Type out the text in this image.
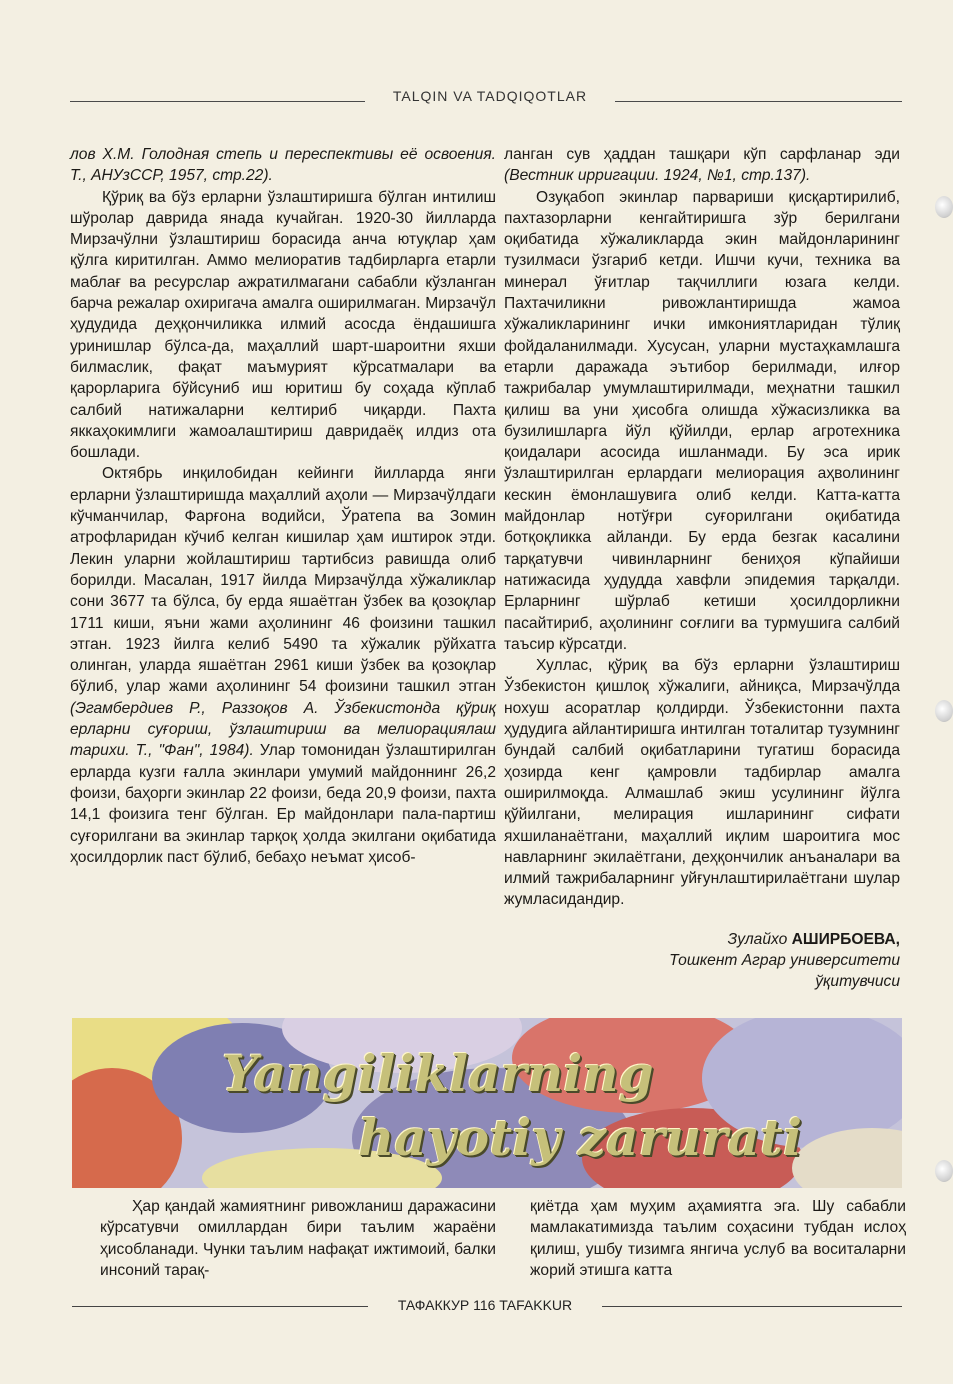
TALQIN VA TADQIQOTLAR

лов Х.М. Голодная степь и переспективы её освоения. Т., АНУзССР, 1957, стр.22).

Қўриқ ва бўз ерларни ўзлаштиришга бўлган интилиш шўролар даврида янада кучайган. 1920-30 йилларда Мирзачўлни ўзлаштириш борасида анча ютуқлар ҳам қўлга киритилган. Аммо мелиоратив тадбирларга етарли маблағ ва ресурслар ажратилмагани сабабли кўзланган барча режалар охиригача амалга оширилмаган. Мирзачўл ҳудудида деҳқончиликка илмий асосда ёндашишга уринишлар бўлса-да, маҳаллий шарт-шароитни яхши билмаслик, фақат маъмурият кўрсатмалари ва қарорларига бўйсуниб иш юритиш бу соҳада кўплаб салбий натижаларни келтириб чиқарди. Пахта яккаҳокимлиги жамоалаштириш давридаёқ илдиз ота бошлади.

Октябрь инқилобидан кейинги йилларда янги ерларни ўзлаштиришда маҳаллий аҳоли — Мирзачўлдаги кўчманчилар, Фарғона водийси, Ўратепа ва Зомин атрофларидан кўчиб келган кишилар ҳам иштирок этди. Лекин уларни жойлаштириш тартибсиз равишда олиб борилди. Масалан, 1917 йилда Мирзачўлда хўжаликлар сони 3677 та бўлса, бу ерда яшаётган ўзбек ва қозоқлар 1711 киши, яъни жами аҳолининг 46 фоизини ташкил этган. 1923 йилга келиб 5490 та хўжалик рўйхатга олинган, уларда яшаётган 2961 киши ўзбек ва қозоқлар бўлиб, улар жами аҳолининг 54 фоизини ташкил этган (Эгамбердиев Р., Раззоқов А. Ўзбекистонда қўриқ ерларни суғориш, ўзлаштириш ва мелиорациялаш тарихи. Т., "Фан", 1984). Улар томонидан ўзлаштирилган ерларда кузги ғалла экинлари умумий майдоннинг 26,2 фоизи, баҳорги экинлар 22 фоизи, беда 20,9 фоизи, пахта 14,1 фоизига тенг бўлган. Ер майдонлари пала-партиш суғорилгани ва экинлар тарқоқ ҳолда экилгани оқибатида ҳосилдорлик паст бўлиб, бебаҳо неъмат ҳисоб-

ланган сув ҳаддан ташқари кўп сарфланар эди (Вестник ирригации. 1924, №1, стр.137).

Озуқабоп экинлар парвариши қисқартирилиб, пахтазорларни кенгайтиришга зўр берилгани оқибатида хўжаликларда экин майдонларининг тузилмаси ўзгариб кетди. Ишчи кучи, техника ва минерал ўғитлар тақчиллиги юзага келди. Пахтачиликни ривожлантиришда жамоа хўжаликларининг ички имкониятларидан тўлиқ фойдаланилмади. Хусусан, уларни мустаҳкамлашга етарли даражада эътибор берилмади, илғор тажрибалар умумлаштирилмади, меҳнатни ташкил қилиш ва уни ҳисобга олишда хўжасизликка ва бузилишларга йўл қўйилди, ерлар агротехника қоидалари асосида ишланмади. Бу эса ирик ўзлаштирилган ерлардаги мелиорация аҳволининг кескин ёмонлашувига олиб келди. Катта-катта майдонлар нотўғри суғорилгани оқибатида ботқоқликка айланди. Бу ерда безгак касалини тарқатувчи чивинларнинг бениҳоя кўпайиши натижасида ҳудудда хавфли эпидемия тарқалди. Ерларнинг шўрлаб кетиши ҳосилдорликни пасайтириб, аҳолининг соғлиги ва турмушига салбий таъсир кўрсатди.

Хуллас, қўриқ ва бўз ерларни ўзлаштириш Ўзбекистон қишлоқ хўжалиги, айниқса, Мирзачўлда нохуш асоратлар қолдирди. Ўзбекистонни пахта ҳудудига айлантиришга интилган тоталитар тузумнинг бундай салбий оқибатларини тугатиш борасида ҳозирда кенг қамровли тадбирлар амалга оширилмоқда. Алмашлаб экиш усулининг йўлга қўйилгани, мелирация ишларининг сифати яхшиланаётгани, маҳаллий иқлим шароитига мос навларнинг экилаётгани, деҳқончилик анъаналари ва илмий тажрибаларнинг уйғунлаштирилаётгани шулар жумласидандир.

Зулайхо АШИРБОЕВА,

Тошкент Аграр университети

ўқитувчиси

Yangiliklarning
hayotiy zarurati

Ҳар қандай жамиятнинг ривожланиш даражасини кўрсатувчи омиллардан бири таълим жараёни ҳисобланади. Чунки таълим нафақат ижтимоий, балки инсоний тарақ-

қиётда ҳам муҳим аҳамиятга эга. Шу сабабли мамлакатимизда таълим соҳасини тубдан ислоҳ қилиш, ушбу тизимга янгича услуб ва воситаларни жорий этишга катта

ТАФАККУР 116 TAFAKKUR
